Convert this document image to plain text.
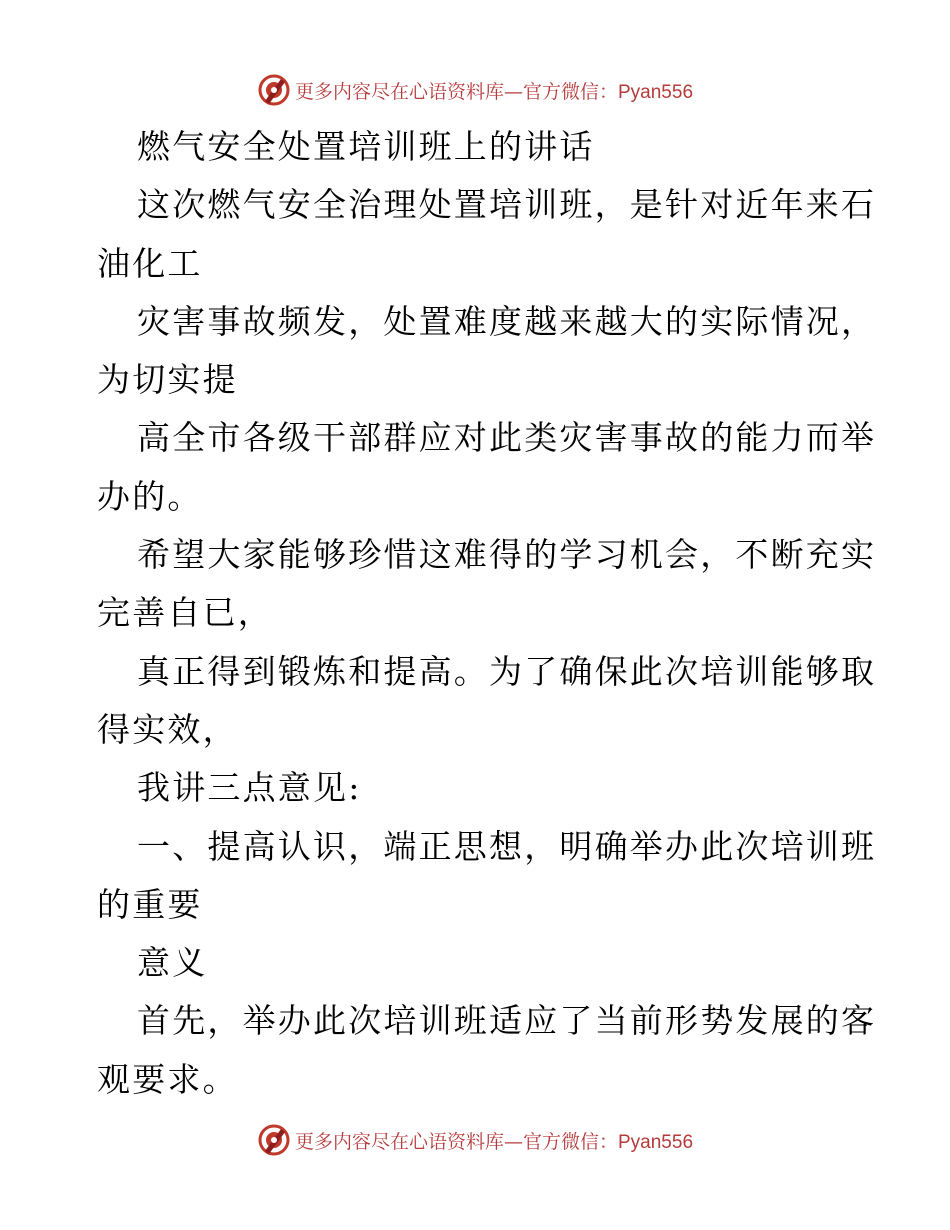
更多内容尽在心语资料库—官方微信：Pyan556
燃气安全处置培训班上的讲话
这次燃气安全治理处置培训班，是针对近年来石
油化工
灾害事故频发，处置难度越来越大的实际情况，
为切实提
高全市各级干部群应对此类灾害事故的能力而举
办的。
希望大家能够珍惜这难得的学习机会，不断充实
完善自已，
真正得到锻炼和提高。为了确保此次培训能够取
得实效，
我讲三点意见:
一、提高认识，端正思想，明确举办此次培训班
的重要
意义
首先，举办此次培训班适应了当前形势发展的客
观要求。
更多内容尽在心语资料库—官方微信：Pyan556
